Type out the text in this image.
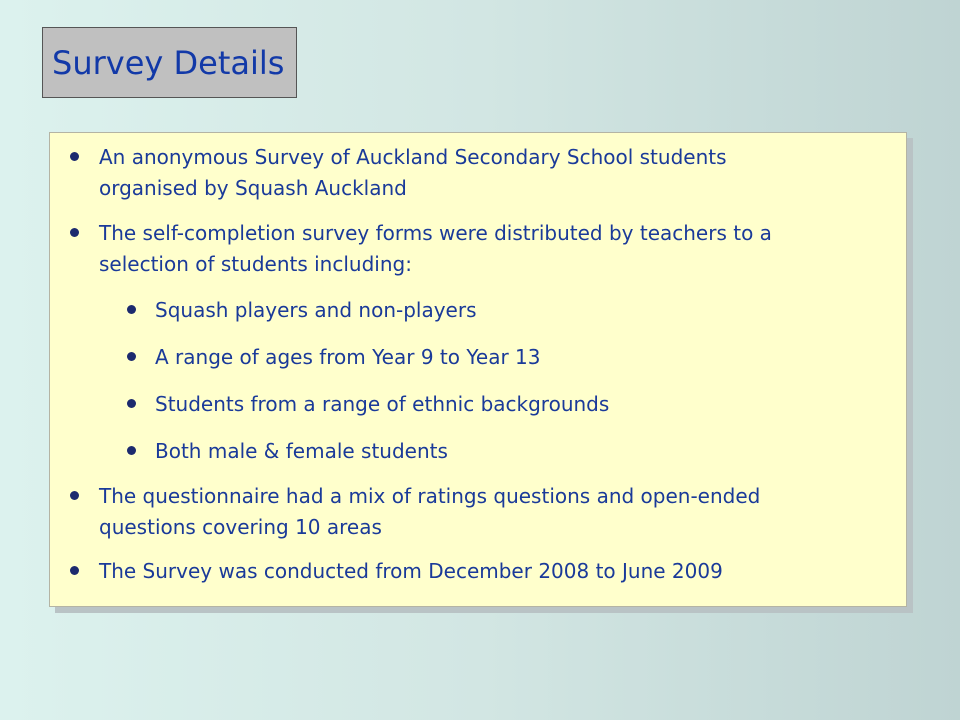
Survey Details
An anonymous Survey of Auckland Secondary School students
organised by Squash Auckland
The self-completion survey forms were distributed by teachers to a
selection of students including:
Squash players and non-players
A range of ages from Year 9 to Year 13
Students from a range of ethnic backgrounds
Both male & female students
The questionnaire had a mix of ratings questions and open-ended
questions covering 10 areas
The Survey was conducted from December 2008 to June 2009
